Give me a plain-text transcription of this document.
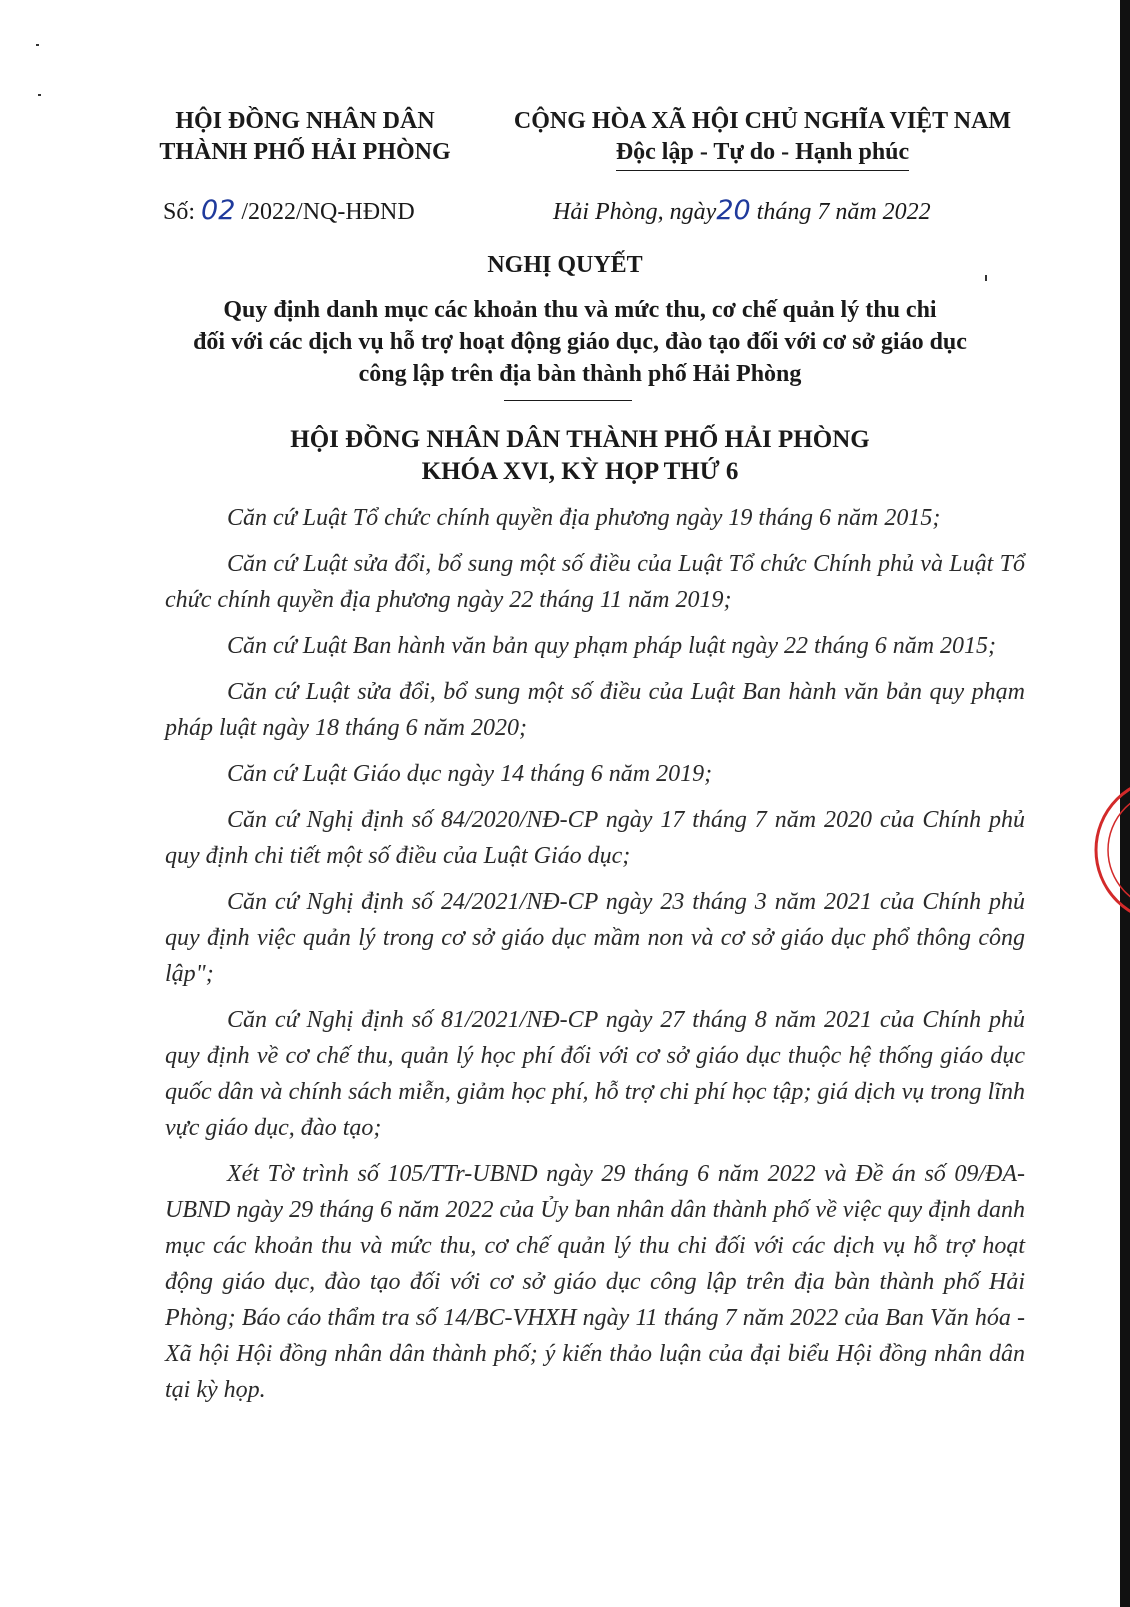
HỘI ĐỒNG NHÂN DÂN
THÀNH PHỐ HẢI PHÒNG
CỘNG HÒA XÃ HỘI CHỦ NGHĨA VIỆT NAM
Độc lập - Tự do - Hạnh phúc
Số: 02 /2022/NQ-HĐND	Hải Phòng, ngày20 tháng 7 năm 2022
NGHỊ QUYẾT
Quy định danh mục các khoản thu và mức thu, cơ chế quản lý thu chi
đối với các dịch vụ hỗ trợ hoạt động giáo dục, đào tạo đối với cơ sở giáo dục
công lập trên địa bàn thành phố Hải Phòng
HỘI ĐỒNG NHÂN DÂN THÀNH PHỐ HẢI PHÒNG
KHÓA XVI, KỲ HỌP THỨ 6

Căn cứ Luật Tổ chức chính quyền địa phương ngày 19 tháng 6 năm 2015;

Căn cứ Luật sửa đổi, bổ sung một số điều của Luật Tổ chức Chính phủ và Luật Tổ chức chính quyền địa phương ngày 22 tháng 11 năm 2019;

Căn cứ Luật Ban hành văn bản quy phạm pháp luật ngày 22 tháng 6 năm 2015;

Căn cứ Luật sửa đổi, bổ sung một số điều của Luật Ban hành văn bản quy phạm pháp luật ngày 18 tháng 6 năm 2020;

Căn cứ Luật Giáo dục ngày 14 tháng 6 năm 2019;

Căn cứ Nghị định số 84/2020/NĐ-CP ngày 17 tháng 7 năm 2020 của Chính phủ quy định chi tiết một số điều của Luật Giáo dục;

Căn cứ Nghị định số 24/2021/NĐ-CP ngày 23 tháng 3 năm 2021 của Chính phủ quy định việc quản lý trong cơ sở giáo dục mầm non và cơ sở giáo dục phổ thông công lập";

Căn cứ Nghị định số 81/2021/NĐ-CP ngày 27 tháng 8 năm 2021 của Chính phủ quy định về cơ chế thu, quản lý học phí đối với cơ sở giáo dục thuộc hệ thống giáo dục quốc dân và chính sách miễn, giảm học phí, hỗ trợ chi phí học tập; giá dịch vụ trong lĩnh vực giáo dục, đào tạo;

Xét Tờ trình số 105/TTr-UBND ngày 29 tháng 6 năm 2022 và Đề án số 09/ĐA-UBND ngày 29 tháng 6 năm 2022 của Ủy ban nhân dân thành phố về việc quy định danh mục các khoản thu và mức thu, cơ chế quản lý thu chi đối với các dịch vụ hỗ trợ hoạt động giáo dục, đào tạo đối với cơ sở giáo dục công lập trên địa bàn thành phố Hải Phòng; Báo cáo thẩm tra số 14/BC-VHXH ngày 11 tháng 7 năm 2022 của Ban Văn hóa - Xã hội Hội đồng nhân dân thành phố; ý kiến thảo luận của đại biểu Hội đồng nhân dân tại kỳ họp.
